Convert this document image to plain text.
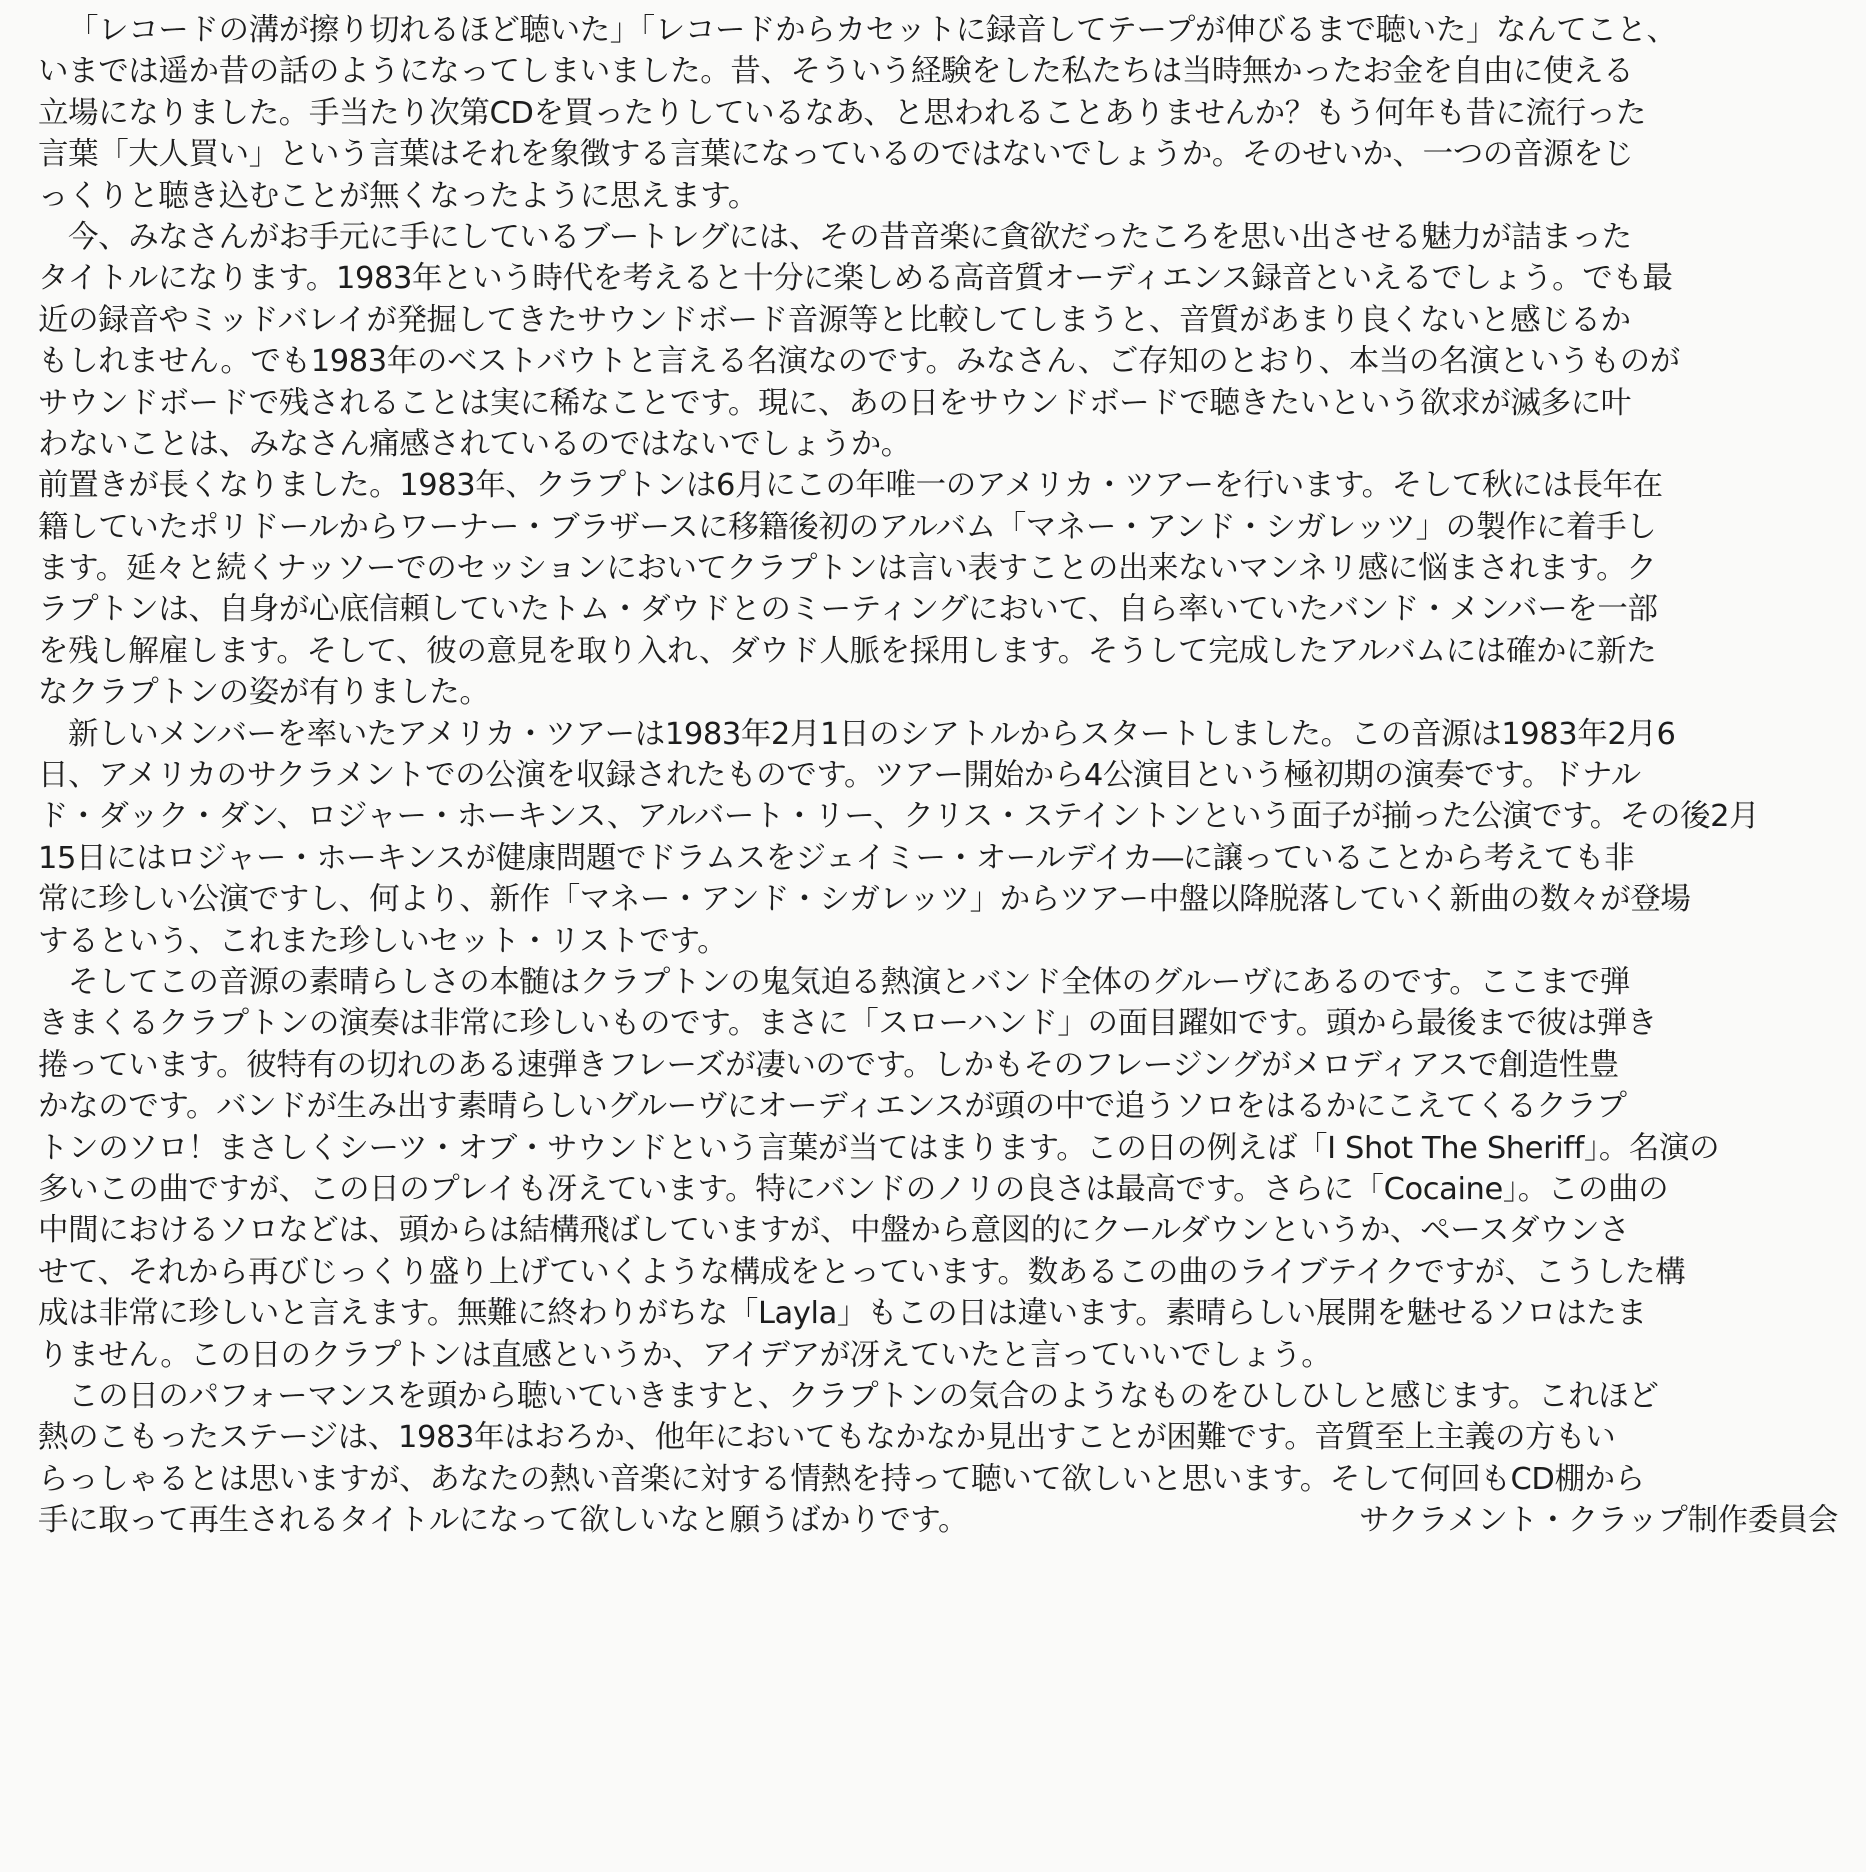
「レコードの溝が擦り切れるほど聴いた」「レコードからカセットに録音してテープが伸びるまで聴いた」なんてこと、
いまでは遥か昔の話のようになってしまいました。昔、そういう経験をした私たちは当時無かったお金を自由に使える
立場になりました。手当たり次第CDを買ったりしているなあ、と思われることありませんか？もう何年も昔に流行った
言葉「大人買い」という言葉はそれを象徴する言葉になっているのではないでしょうか。そのせいか、一つの音源をじ
っくりと聴き込むことが無くなったように思えます。
今、みなさんがお手元に手にしているブートレグには、その昔音楽に貪欲だったころを思い出させる魅力が詰まった
タイトルになります。1983年という時代を考えると十分に楽しめる高音質オーディエンス録音といえるでしょう。でも最
近の録音やミッドバレイが発掘してきたサウンドボード音源等と比較してしまうと、音質があまり良くないと感じるか
もしれません。でも1983年のベストバウトと言える名演なのです。みなさん、ご存知のとおり、本当の名演というものが
サウンドボードで残されることは実に稀なことです。現に、あの日をサウンドボードで聴きたいという欲求が滅多に叶
わないことは、みなさん痛感されているのではないでしょうか。
前置きが長くなりました。1983年、クラプトンは6月にこの年唯一のアメリカ・ツアーを行います。そして秋には長年在
籍していたポリドールからワーナー・ブラザースに移籍後初のアルバム「マネー・アンド・シガレッツ」の製作に着手し
ます。延々と続くナッソーでのセッションにおいてクラプトンは言い表すことの出来ないマンネリ感に悩まされます。ク
ラプトンは、自身が心底信頼していたトム・ダウドとのミーティングにおいて、自ら率いていたバンド・メンバーを一部
を残し解雇します。そして、彼の意見を取り入れ、ダウド人脈を採用します。そうして完成したアルバムには確かに新た
なクラプトンの姿が有りました。
新しいメンバーを率いたアメリカ・ツアーは1983年2月1日のシアトルからスタートしました。この音源は1983年2月6
日、アメリカのサクラメントでの公演を収録されたものです。ツアー開始から4公演目という極初期の演奏です。ドナル
ド・ダック・ダン、ロジャー・ホーキンス、アルバート・リー、クリス・ステイントンという面子が揃った公演です。その後2月
15日にはロジャー・ホーキンスが健康問題でドラムスをジェイミー・オールデイカ―に譲っていることから考えても非
常に珍しい公演ですし、何より、新作「マネー・アンド・シガレッツ」からツアー中盤以降脱落していく新曲の数々が登場
するという、これまた珍しいセット・リストです。
そしてこの音源の素晴らしさの本髄はクラプトンの鬼気迫る熱演とバンド全体のグルーヴにあるのです。ここまで弾
きまくるクラプトンの演奏は非常に珍しいものです。まさに「スローハンド」の面目躍如です。頭から最後まで彼は弾き
捲っています。彼特有の切れのある速弾きフレーズが凄いのです。しかもそのフレージングがメロディアスで創造性豊
かなのです。バンドが生み出す素晴らしいグルーヴにオーディエンスが頭の中で追うソロをはるかにこえてくるクラプ
トンのソロ！まさしくシーツ・オブ・サウンドという言葉が当てはまります。この日の例えば「I Shot The Sheriff」。名演の
多いこの曲ですが、この日のプレイも冴えています。特にバンドのノリの良さは最高です。さらに「Cocaine」。この曲の
中間におけるソロなどは、頭からは結構飛ばしていますが、中盤から意図的にクールダウンというか、ペースダウンさ
せて、それから再びじっくり盛り上げていくような構成をとっています。数あるこの曲のライブテイクですが、こうした構
成は非常に珍しいと言えます。無難に終わりがちな「Layla」もこの日は違います。素晴らしい展開を魅せるソロはたま
りません。この日のクラプトンは直感というか、アイデアが冴えていたと言っていいでしょう。
この日のパフォーマンスを頭から聴いていきますと、クラプトンの気合のようなものをひしひしと感じます。これほど
熱のこもったステージは、1983年はおろか、他年においてもなかなか見出すことが困難です。音質至上主義の方もい
らっしゃるとは思いますが、あなたの熱い音楽に対する情熱を持って聴いて欲しいと思います。そして何回もCD棚から
手に取って再生されるタイトルになって欲しいなと願うばかりです。	サクラメント・クラップ制作委員会
